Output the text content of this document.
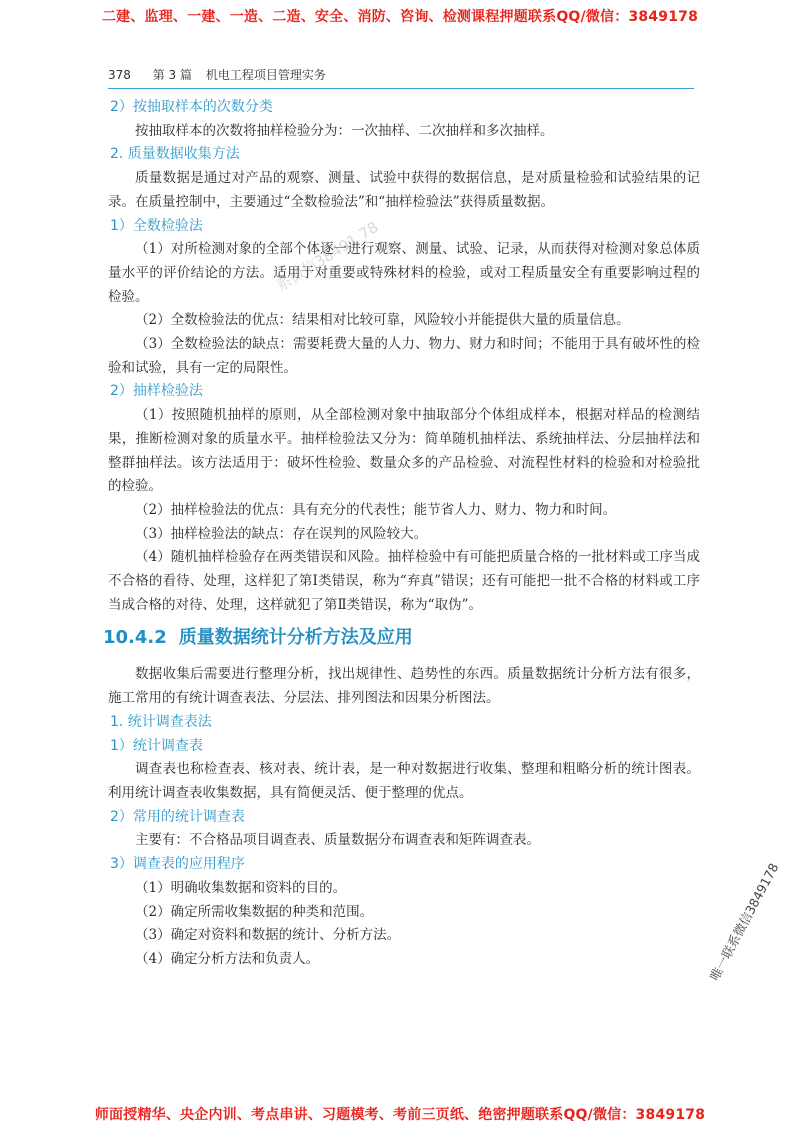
二建、监理、一建、一造、二造、安全、消防、咨询、检测课程押题联系QQ/微信：3849178
378 第 3 篇 机电工程项目管理实务

2）按抽取样本的次数分类

按抽取样本的次数将抽样检验分为：一次抽样、二次抽样和多次抽样。

2. 质量数据收集方法

质量数据是通过对产品的观察、测量、试验中获得的数据信息，是对质量检验和试验结果的记录。在质量控制中，主要通过“全数检验法”和“抽样检验法”获得质量数据。

1）全数检验法

（1）对所检测对象的全部个体逐一进行观察、测量、试验、记录，从而获得对检测对象总体质量水平的评价结论的方法。适用于对重要或特殊材料的检验，或对工程质量安全有重要影响过程的检验。

（2）全数检验法的优点：结果相对比较可靠，风险较小并能提供大量的质量信息。

（3）全数检验法的缺点：需要耗费大量的人力、物力、财力和时间；不能用于具有破坏性的检验和试验，具有一定的局限性。

2）抽样检验法

（1）按照随机抽样的原则，从全部检测对象中抽取部分个体组成样本，根据对样品的检测结果，推断检测对象的质量水平。抽样检验法又分为：简单随机抽样法、系统抽样法、分层抽样法和整群抽样法。该方法适用于：破坏性检验、数量众多的产品检验、对流程性材料的检验和对检验批的检验。

（2）抽样检验法的优点：具有充分的代表性；能节省人力、财力、物力和时间。

（3）抽样检验法的缺点：存在误判的风险较大。

（4）随机抽样检验存在两类错误和风险。抽样检验中有可能把质量合格的一批材料或工序当成不合格的看待、处理，这样犯了第Ⅰ类错误，称为“弃真”错误；还有可能把一批不合格的材料或工序当成合格的对待、处理，这样就犯了第Ⅱ类错误，称为“取伪”。

10.4.2 质量数据统计分析方法及应用

数据收集后需要进行整理分析，找出规律性、趋势性的东西。质量数据统计分析方法有很多，施工常用的有统计调查表法、分层法、排列图法和因果分析图法。

1. 统计调查表法

1）统计调查表

调查表也称检查表、核对表、统计表，是一种对数据进行收集、整理和粗略分析的统计图表。利用统计调查表收集数据，具有简便灵活、便于整理的优点。

2）常用的统计调查表

主要有：不合格品项目调查表、质量数据分布调查表和矩阵调查表。

3）调查表的应用程序

（1）明确收集数据和资料的目的。

（2）确定所需收集数据的种类和范围。

（3）确定对资料和数据的统计、分析方法。

（4）确定分析方法和负责人。

系微信38491 78
唯一联系微信3849178
师面授精华、央企内训、考点串讲、习题模考、考前三页纸、绝密押题联系QQ/微信：3849178
